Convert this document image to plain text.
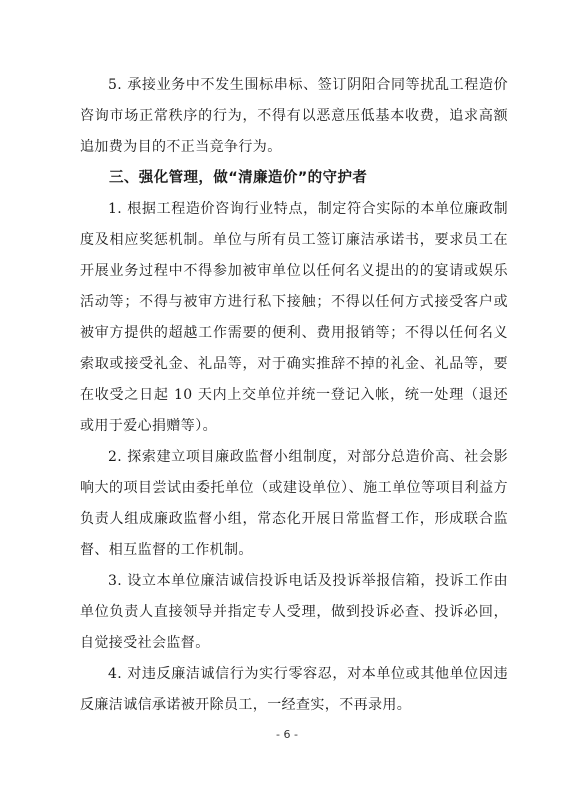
5. 承接业务中不发生围标串标、签订阴阳合同等扰乱工程造价咨询市场正常秩序的行为，不得有以恶意压低基本收费，追求高额追加费为目的不正当竞争行为。

三、强化管理，做“清廉造价”的守护者

1. 根据工程造价咨询行业特点，制定符合实际的本单位廉政制度及相应奖惩机制。单位与所有员工签订廉洁承诺书，要求员工在开展业务过程中不得参加被审单位以任何名义提出的的宴请或娱乐活动等；不得与被审方进行私下接触；不得以任何方式接受客户或被审方提供的超越工作需要的便利、费用报销等；不得以任何名义索取或接受礼金、礼品等，对于确实推辞不掉的礼金、礼品等，要在收受之日起 10 天内上交单位并统一登记入帐，统一处理（退还或用于爱心捐赠等）。

2. 探索建立项目廉政监督小组制度，对部分总造价高、社会影响大的项目尝试由委托单位（或建设单位）、施工单位等项目利益方负责人组成廉政监督小组，常态化开展日常监督工作，形成联合监督、相互监督的工作机制。

3. 设立本单位廉洁诚信投诉电话及投诉举报信箱，投诉工作由单位负责人直接领导并指定专人受理，做到投诉必查、投诉必回，自觉接受社会监督。

4. 对违反廉洁诚信行为实行零容忍，对本单位或其他单位因违反廉洁诚信承诺被开除员工，一经查实，不再录用。

- 6 -
